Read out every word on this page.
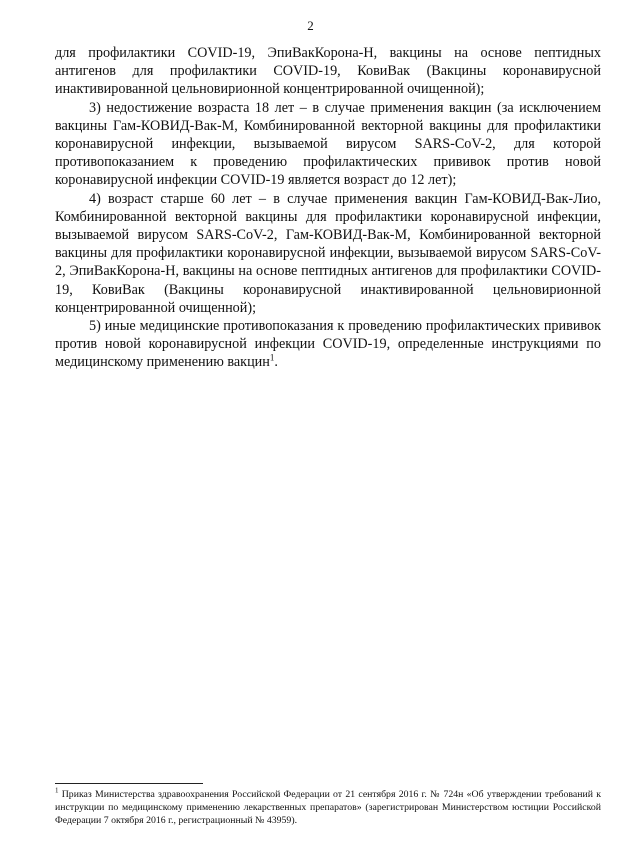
2

для профилактики COVID-19, ЭпиВакКорона-Н, вакцины на основе пептидных антигенов для профилактики COVID-19, КовиВак (Вакцины коронавирусной инактивированной цельновирионной концентрированной очищенной);

3) недостижение возраста 18 лет – в случае применения вакцин (за исключением вакцины Гам-КОВИД-Вак-М, Комбинированной векторной вакцины для профилактики коронавирусной инфекции, вызываемой вирусом SARS-CoV-2, для которой противопоказанием к проведению профилактических прививок против новой коронавирусной инфекции COVID-19 является возраст до 12 лет);

4) возраст старше 60 лет – в случае применения вакцин Гам-КОВИД-Вак-Лио, Комбинированной векторной вакцины для профилактики коронавирусной инфекции, вызываемой вирусом SARS-CoV-2, Гам-КОВИД-Вак-М, Комбинированной векторной вакцины для профилактики коронавирусной инфекции, вызываемой вирусом SARS-CoV-2, ЭпиВакКорона-Н, вакцины на основе пептидных антигенов для профилактики COVID-19, КовиВак (Вакцины коронавирусной инактивированной цельновирионной концентрированной очищенной);

5) иные медицинские противопоказания к проведению профилактических прививок против новой коронавирусной инфекции COVID-19, определенные инструкциями по медицинскому применению вакцин$^1$.

$^1$ Приказ Министерства здравоохранения Российской Федерации от 21 сентября 2016 г. № 724н «Об утверждении требований к инструкции по медицинскому применению лекарственных препаратов» (зарегистрирован Министерством юстиции Российской Федерации 7 октября 2016 г., регистрационный № 43959).
